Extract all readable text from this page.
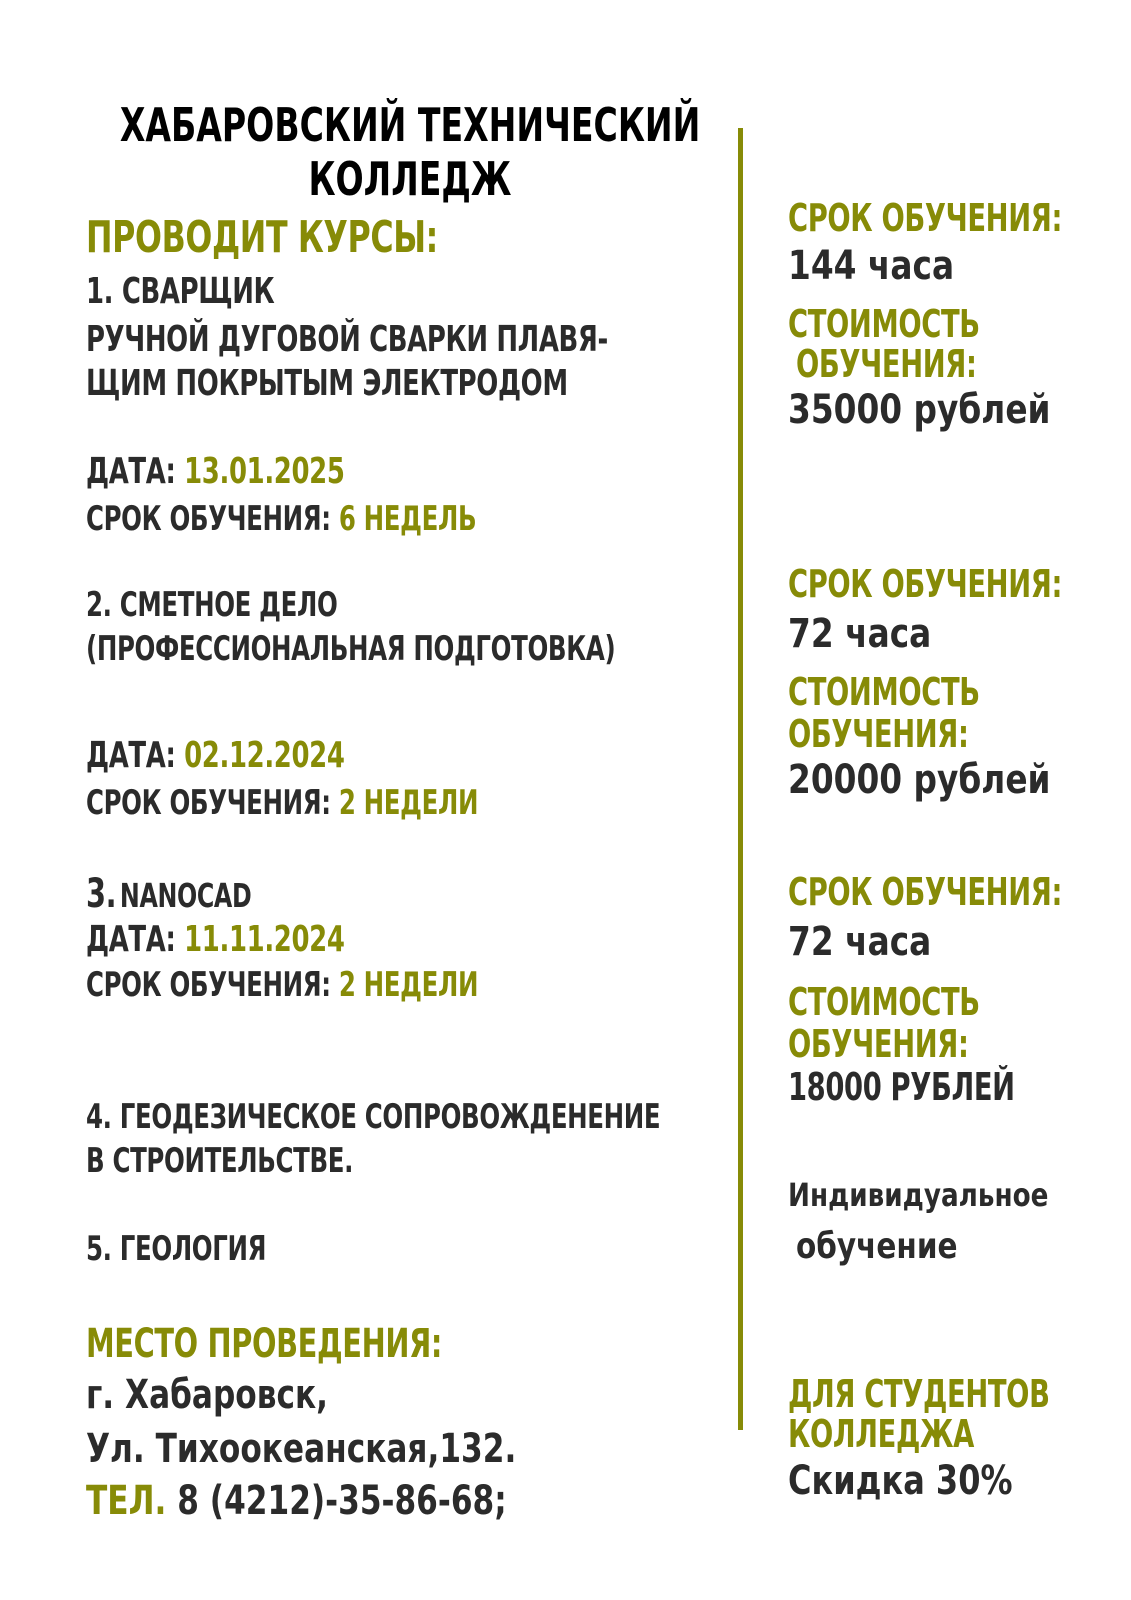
ХАБАРОВСКИЙ ТЕХНИЧЕСКИЙ
КОЛЛЕДЖ
ПРОВОДИТ КУРСЫ:
1. СВАРЩИК
РУЧНОЙ ДУГОВОЙ СВАРКИ ПЛАВЯ-
ЩИМ ПОКРЫТЫМ ЭЛЕКТРОДОМ
ДАТА: 13.01.2025
СРОК ОБУЧЕНИЯ: 6 НЕДЕЛЬ
2. СМЕТНОЕ ДЕЛО
(ПРОФЕССИОНАЛЬНАЯ ПОДГОТОВКА)
ДАТА: 02.12.2024
СРОК ОБУЧЕНИЯ: 2 НЕДЕЛИ
3. NANOCAD
ДАТА: 11.11.2024
СРОК ОБУЧЕНИЯ: 2 НЕДЕЛИ
4. ГЕОДЕЗИЧЕСКОЕ СОПРОВОЖДЕНЕНИЕ
В СТРОИТЕЛЬСТВЕ.
5. ГЕОЛОГИЯ
МЕСТО ПРОВЕДЕНИЯ:
г. Хабаровск,
Ул. Тихоокеанская,132.
ТЕЛ. 8 (4212)-35-86-68;
СРОК ОБУЧЕНИЯ:
144 часа
СТОИМОСТЬ
ОБУЧЕНИЯ:
35000 рублей
СРОК ОБУЧЕНИЯ:
72 часа
СТОИМОСТЬ
ОБУЧЕНИЯ:
20000 рублей
СРОК ОБУЧЕНИЯ:
72 часа
СТОИМОСТЬ
ОБУЧЕНИЯ:
18000 РУБЛЕЙ
Индивидуальное
обучение
ДЛЯ СТУДЕНТОВ
КОЛЛЕДЖА
Скидка 30%
